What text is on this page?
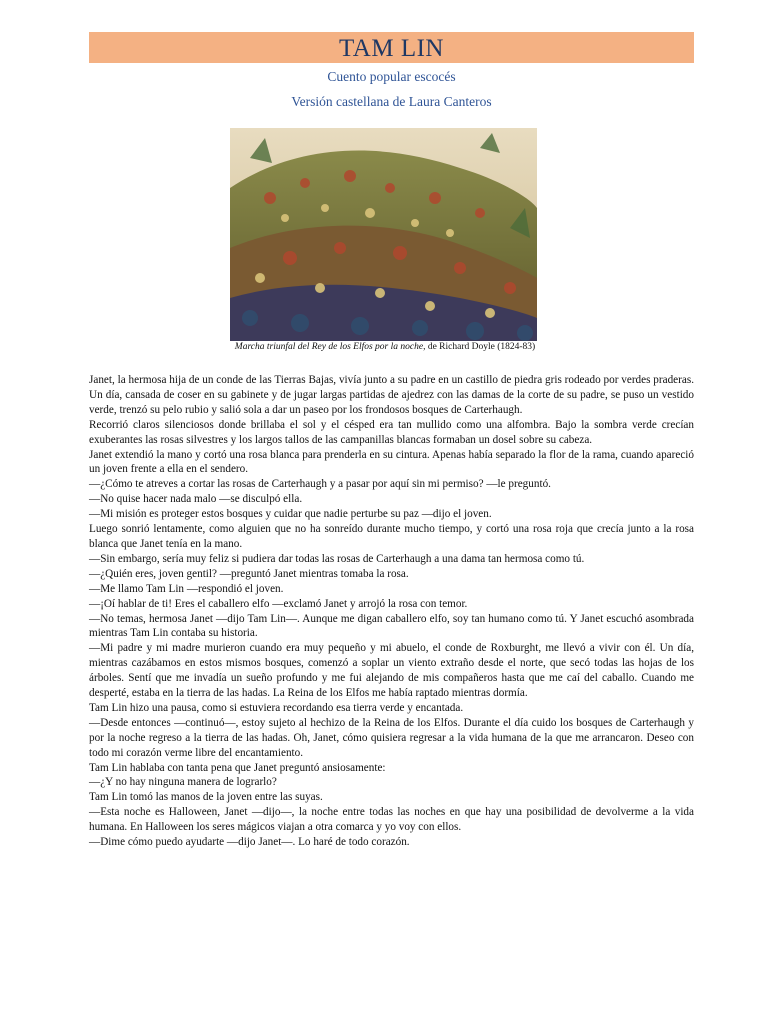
TAM LIN
Cuento popular escocés
Versión castellana de Laura Canteros
Marcha triunfal del Rey de los Elfos por la noche, de Richard Doyle (1824-83)

Janet, la hermosa hija de un conde de las Tierras Bajas, vivía junto a su padre en un castillo de piedra gris rodeado por verdes praderas. Un día, cansada de coser en su gabinete y de jugar largas partidas de ajedrez con las damas de la corte de su padre, se puso un vestido verde, trenzó su pelo rubio y salió sola a dar un paseo por los frondosos bosques de Carterhaugh.

Recorrió claros silenciosos donde brillaba el sol y el césped era tan mullido como una alfombra. Bajo la sombra verde crecían exuberantes las rosas silvestres y los largos tallos de las campanillas blancas formaban un dosel sobre su cabeza.

Janet extendió la mano y cortó una rosa blanca para prenderla en su cintura. Apenas había separado la flor de la rama, cuando apareció un joven frente a ella en el sendero.

—¿Cómo te atreves a cortar las rosas de Carterhaugh y a pasar por aquí sin mi permiso? —le preguntó.

—No quise hacer nada malo —se disculpó ella.

—Mi misión es proteger estos bosques y cuidar que nadie perturbe su paz —dijo el joven.

Luego sonrió lentamente, como alguien que no ha sonreído durante mucho tiempo, y cortó una rosa roja que crecía junto a la rosa blanca que Janet tenía en la mano.

—Sin embargo, sería muy feliz si pudiera dar todas las rosas de Carterhaugh a una dama tan hermosa como tú.

—¿Quién eres, joven gentil? —preguntó Janet mientras tomaba la rosa.

—Me llamo Tam Lin —respondió el joven.

—¡Oí hablar de ti! Eres el caballero elfo —exclamó Janet y arrojó la rosa con temor.

—No temas, hermosa Janet —dijo Tam Lin—. Aunque me digan caballero elfo, soy tan humano como tú. Y Janet escuchó asombrada mientras Tam Lin contaba su historia.

—Mi padre y mi madre murieron cuando era muy pequeño y mi abuelo, el conde de Roxburght, me llevó a vivir con él. Un día, mientras cazábamos en estos mismos bosques, comenzó a soplar un viento extraño desde el norte, que secó todas las hojas de los árboles. Sentí que me invadía un sueño profundo y me fui alejando de mis compañeros hasta que me caí del caballo. Cuando me desperté, estaba en la tierra de las hadas. La Reina de los Elfos me había raptado mientras dormía.

Tam Lin hizo una pausa, como si estuviera recordando esa tierra verde y encantada.

—Desde entonces —continuó—, estoy sujeto al hechizo de la Reina de los Elfos. Durante el día cuido los bosques de Carterhaugh y por la noche regreso a la tierra de las hadas. Oh, Janet, cómo quisiera regresar a la vida humana de la que me arrancaron. Deseo con todo mi corazón verme libre del encantamiento.

Tam Lin hablaba con tanta pena que Janet preguntó ansiosamente:

—¿Y no hay ninguna manera de lograrlo?

Tam Lin tomó las manos de la joven entre las suyas.

—Esta noche es Halloween, Janet —dijo—, la noche entre todas las noches en que hay una posibilidad de devolverme a la vida humana. En Halloween los seres mágicos viajan a otra comarca y yo voy con ellos.

—Dime cómo puedo ayudarte —dijo Janet—. Lo haré de todo corazón.
